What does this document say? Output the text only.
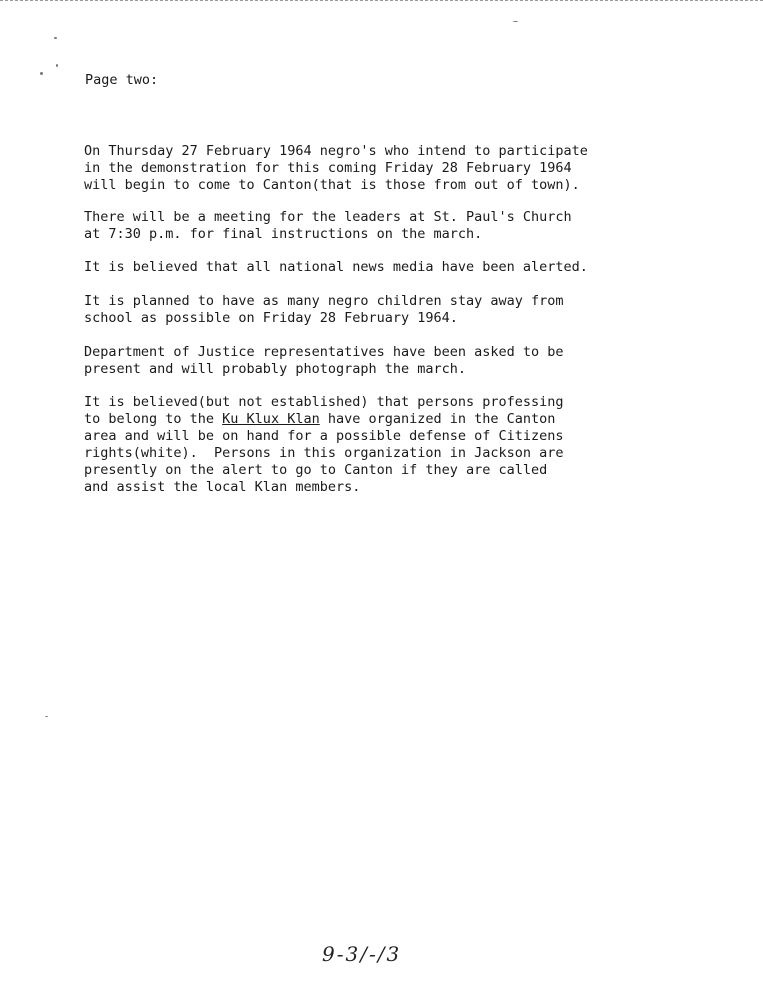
Page two:

On Thursday 27 February 1964 negro's who intend to participate
in the demonstration for this coming Friday 28 February 1964
will begin to come to Canton(that is those from out of town).

There will be a meeting for the leaders at St. Paul's Church
at 7:30 p.m. for final instructions on the march.

It is believed that all national news media have been alerted.

It is planned to have as many negro children stay away from
school as possible on Friday 28 February 1964.

Department of Justice representatives have been asked to be
present and will probably photograph the march.

It is believed(but not established) that persons professing
to belong to the Ku Klux Klan have organized in the Canton
area and will be on hand for a possible defense of Citizens
rights(white).  Persons in this organization in Jackson are
presently on the alert to go to Canton if they are called
and assist the local Klan members.

9-3/-/3
